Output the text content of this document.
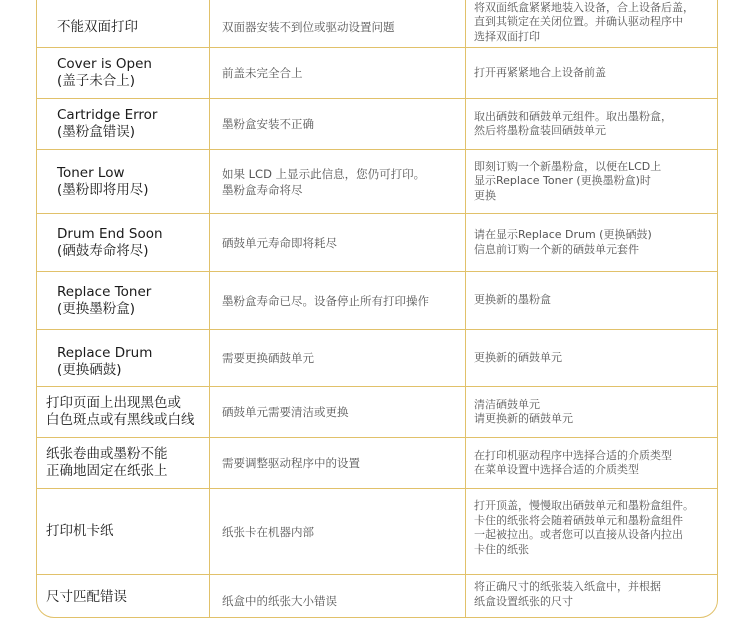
不能双面打印	双面器安装不到位或驱动设置问题	将双面纸盒紧紧地装入设备，合上设备后盖，
直到其锁定在关闭位置。并确认驱动程序中
选择双面打印

Cover is Open
(盖子未合上)	前盖未完全合上	打开再紧紧地合上设备前盖

Cartridge Error
(墨粉盒错误)	墨粉盒安装不正确	取出硒鼓和硒鼓单元组件。取出墨粉盒，
然后将墨粉盒装回硒鼓单元

Toner Low
(墨粉即将用尽)	如果 LCD 上显示此信息，您仍可打印。
墨粉盒寿命将尽	即刻订购一个新墨粉盒，以便在LCD上
显示Replace Toner (更换墨粉盒)时
更换

Drum End Soon
(硒鼓寿命将尽)	硒鼓单元寿命即将耗尽	请在显示Replace Drum (更换硒鼓)
信息前订购一个新的硒鼓单元套件

Replace Toner
(更换墨粉盒)	墨粉盒寿命已尽。设备停止所有打印操作	更换新的墨粉盒

Replace Drum
(更换硒鼓)	需要更换硒鼓单元	更换新的硒鼓单元

打印页面上出现黑色或
白色斑点或有黑线或白线	硒鼓单元需要清洁或更换	清洁硒鼓单元
请更换新的硒鼓单元

纸张卷曲或墨粉不能
正确地固定在纸张上	需要调整驱动程序中的设置	在打印机驱动程序中选择合适的介质类型
在菜单设置中选择合适的介质类型

打印机卡纸	纸张卡在机器内部	打开顶盖，慢慢取出硒鼓单元和墨粉盒组件。
卡住的纸张将会随着硒鼓单元和墨粉盒组件
一起被拉出。或者您可以直接从设备内拉出
卡住的纸张

尺寸匹配错误	纸盒中的纸张大小错误	将正确尺寸的纸张装入纸盒中，并根据
纸盒设置纸张的尺寸
